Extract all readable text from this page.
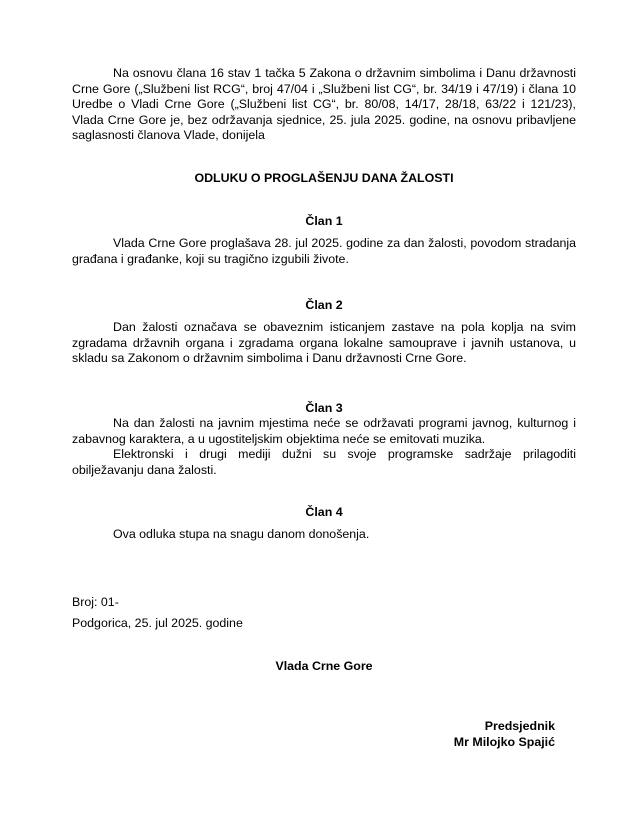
Na osnovu člana 16 stav 1 tačka 5 Zakona o državnim simbolima i Danu državnosti Crne Gore („Službeni list RCG“, broj 47/04 i „Službeni list CG“, br. 34/19 i 47/19) i člana 10 Uredbe o Vladi Crne Gore („Službeni list CG“, br. 80/08, 14/17, 28/18, 63/22 i 121/23), Vlada Crne Gore je, bez održavanja sjednice, 25. jula 2025. godine, na osnovu pribavljene saglasnosti članova Vlade, donijela

ODLUKU O PROGLAŠENJU DANA ŽALOSTI

Član 1

Vlada Crne Gore proglašava 28. jul 2025. godine za dan žalosti, povodom stradanja građana i građanke, koji su tragično izgubili živote.

Član 2

Dan žalosti označava se obaveznim isticanjem zastave na pola koplja na svim zgradama državnih organa i zgradama organa lokalne samouprave i javnih ustanova, u skladu sa Zakonom o državnim simbolima i Danu državnosti Crne Gore.

Član 3

Na dan žalosti na javnim mjestima neće se održavati programi javnog, kulturnog i zabavnog karaktera, a u ugostiteljskim objektima neće se emitovati muzika.

Elektronski i drugi mediji dužni su svoje programske sadržaje prilagoditi obilježavanju dana žalosti.

Član 4

Ova odluka stupa na snagu danom donošenja.

Broj: 01-

Podgorica, 25. jul 2025. godine

Vlada Crne Gore

Predsjednik
Mr Milojko Spajić
